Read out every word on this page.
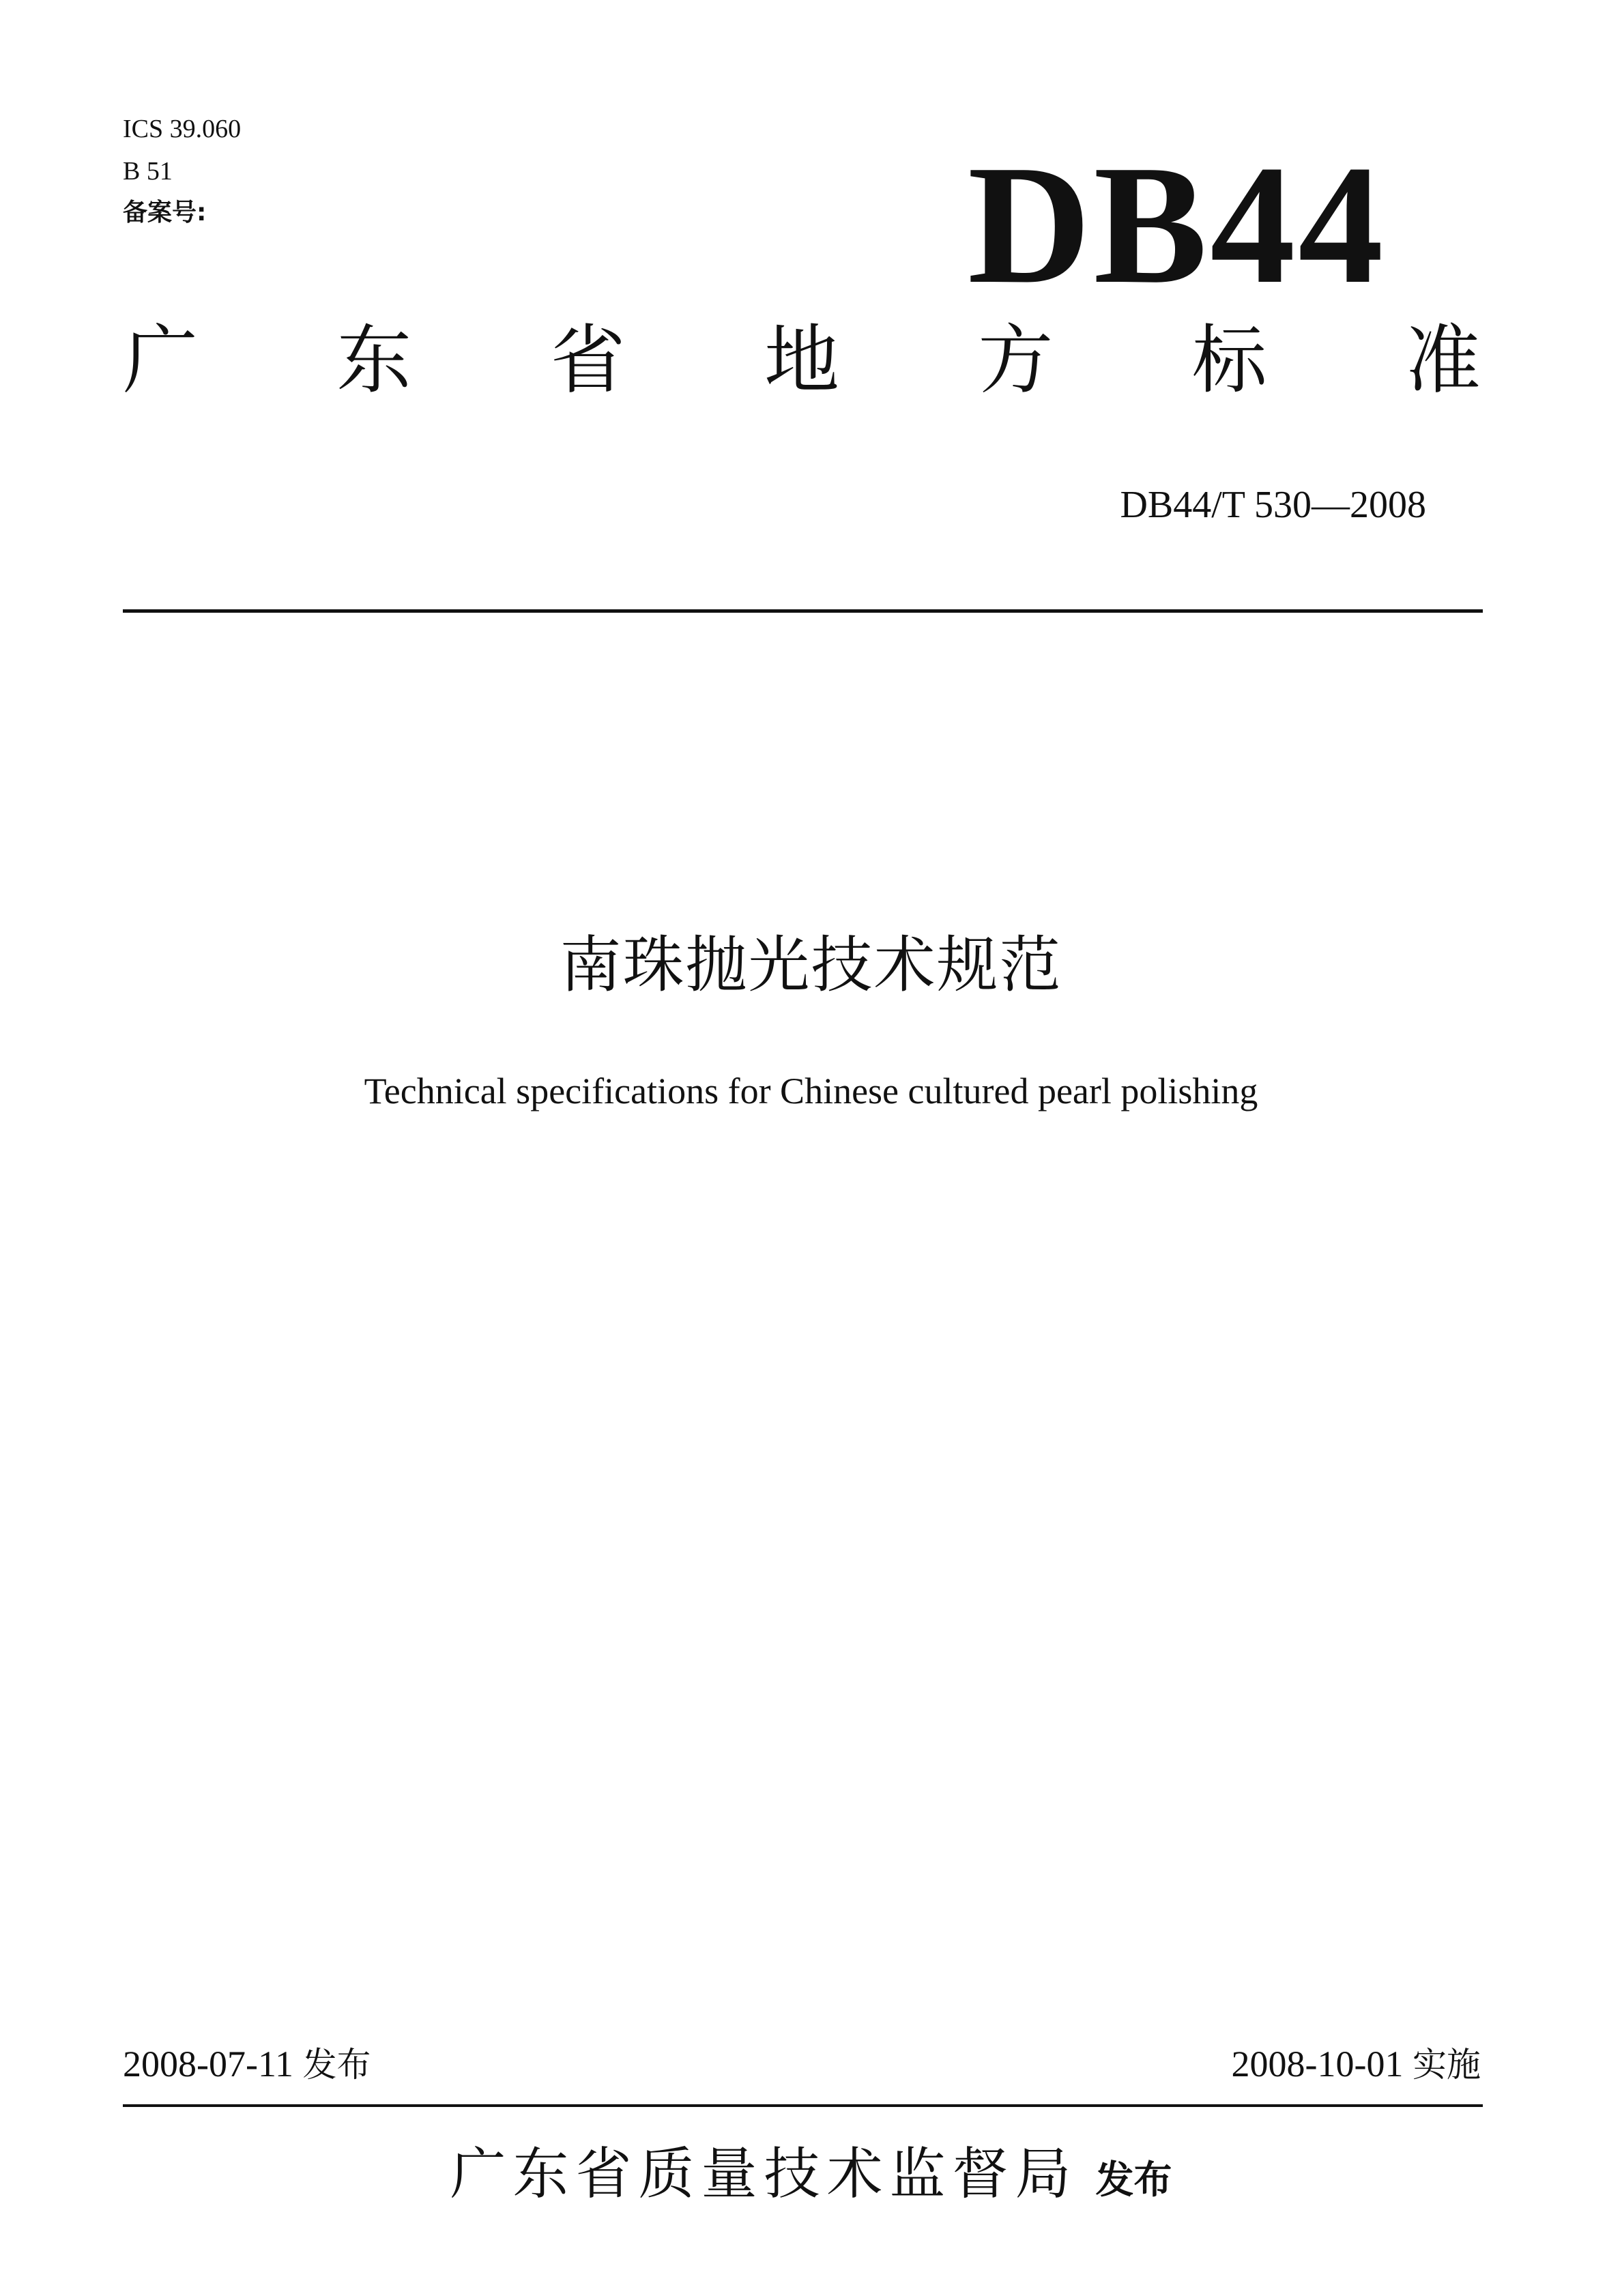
ICS 39.060
B 51
备案号:	DB44
广 东 省 地 方 标 准
DB44/T 530—2008
南珠抛光技术规范
Technical specifications for Chinese cultured pearl polishing
2008-07-11 发布	2008-10-01 实施
广东省质量技术监督局 发布
